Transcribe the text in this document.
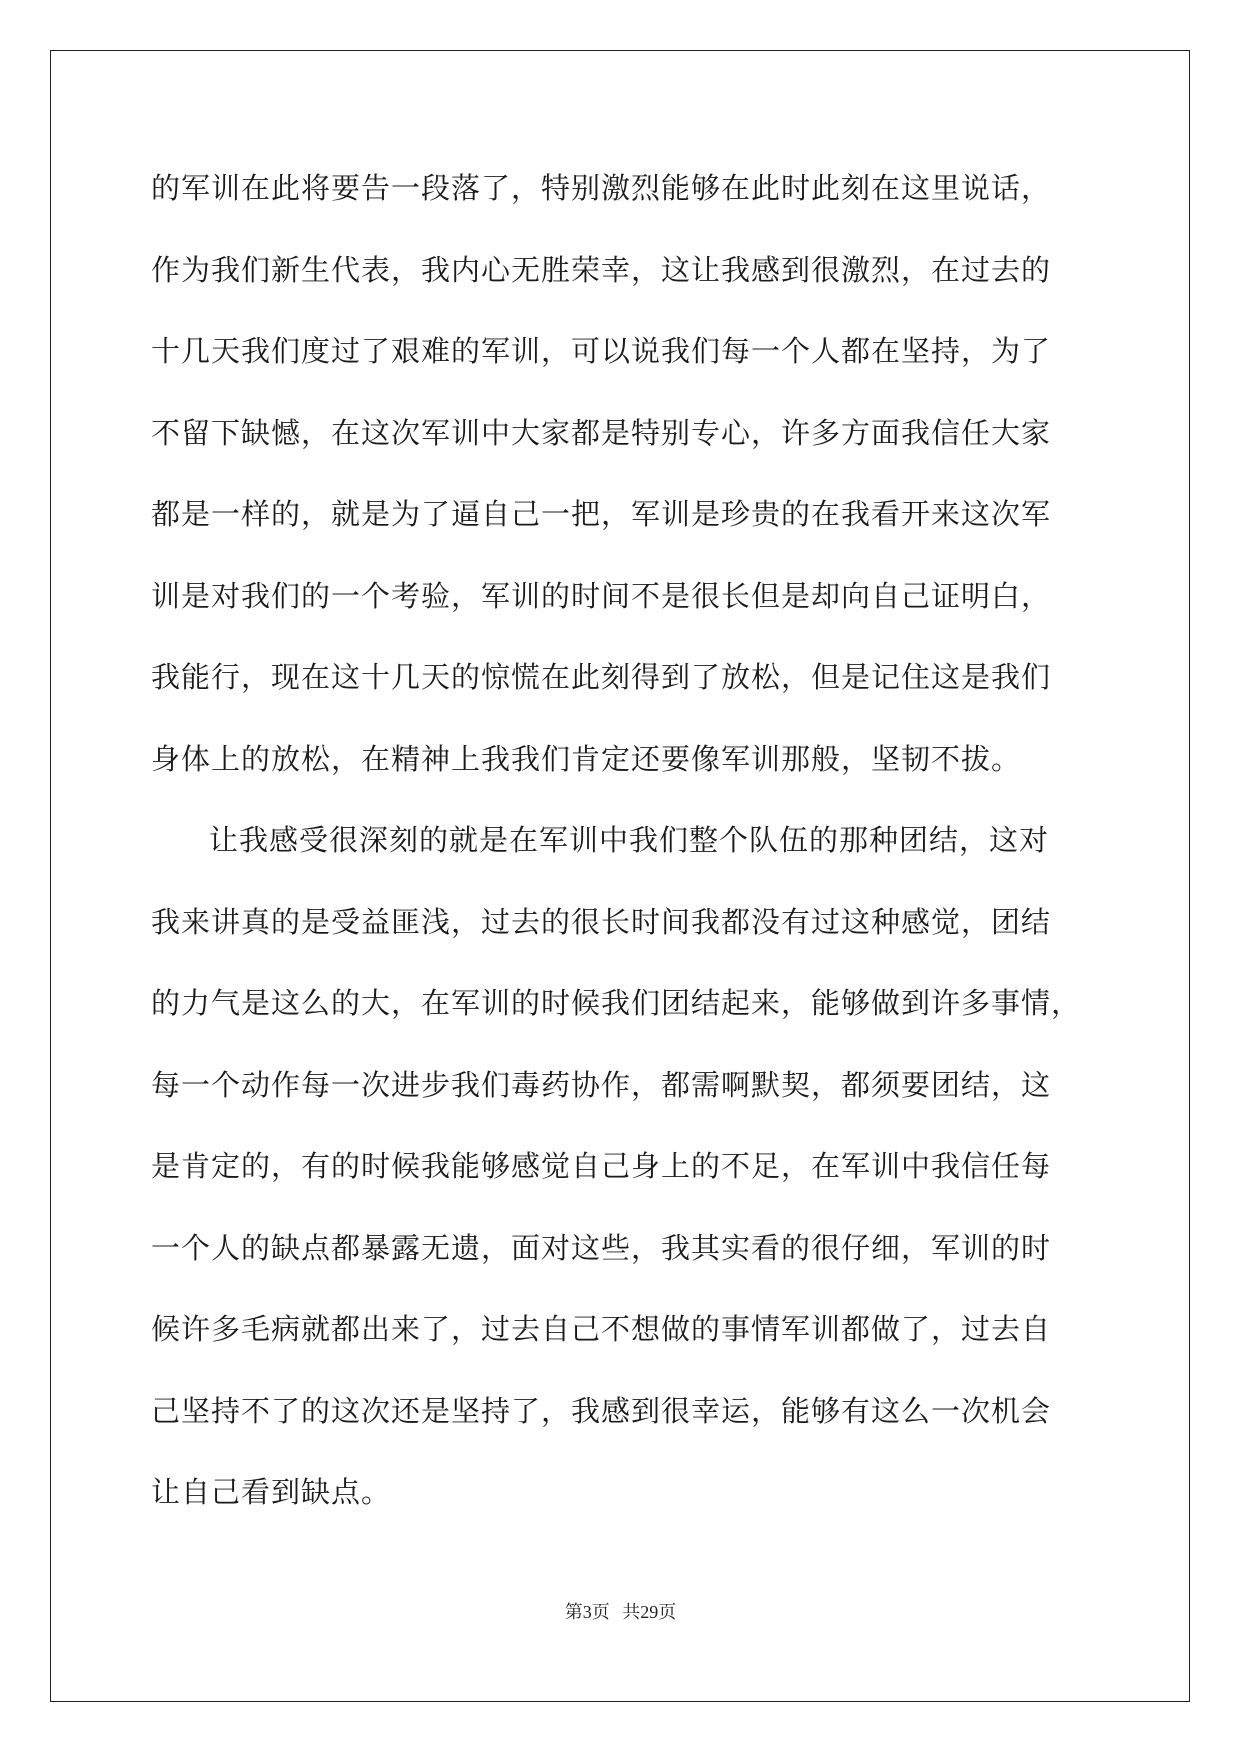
的军训在此将要告一段落了，特别激烈能够在此时此刻在这里说话，
作为我们新生代表，我内心无胜荣幸，这让我感到很激烈，在过去的
十几天我们度过了艰难的军训，可以说我们每一个人都在坚持，为了
不留下缺憾，在这次军训中大家都是特别专心，许多方面我信任大家
都是一样的，就是为了逼自己一把，军训是珍贵的在我看开来这次军
训是对我们的一个考验，军训的时间不是很长但是却向自己证明白，
我能行，现在这十几天的惊慌在此刻得到了放松，但是记住这是我们
身体上的放松，在精神上我我们肯定还要像军训那般，坚韧不拔。
让我感受很深刻的就是在军训中我们整个队伍的那种团结，这对
我来讲真的是受益匪浅，过去的很长时间我都没有过这种感觉，团结
的力气是这么的大，在军训的时候我们团结起来，能够做到许多事情，
每一个动作每一次进步我们毒药协作，都需啊默契，都须要团结，这
是肯定的，有的时候我能够感觉自己身上的不足，在军训中我信任每
一个人的缺点都暴露无遗，面对这些，我其实看的很仔细，军训的时
候许多毛病就都出来了，过去自己不想做的事情军训都做了，过去自
己坚持不了的这次还是坚持了，我感到很幸运，能够有这么一次机会
让自己看到缺点。
第3页 共29页
